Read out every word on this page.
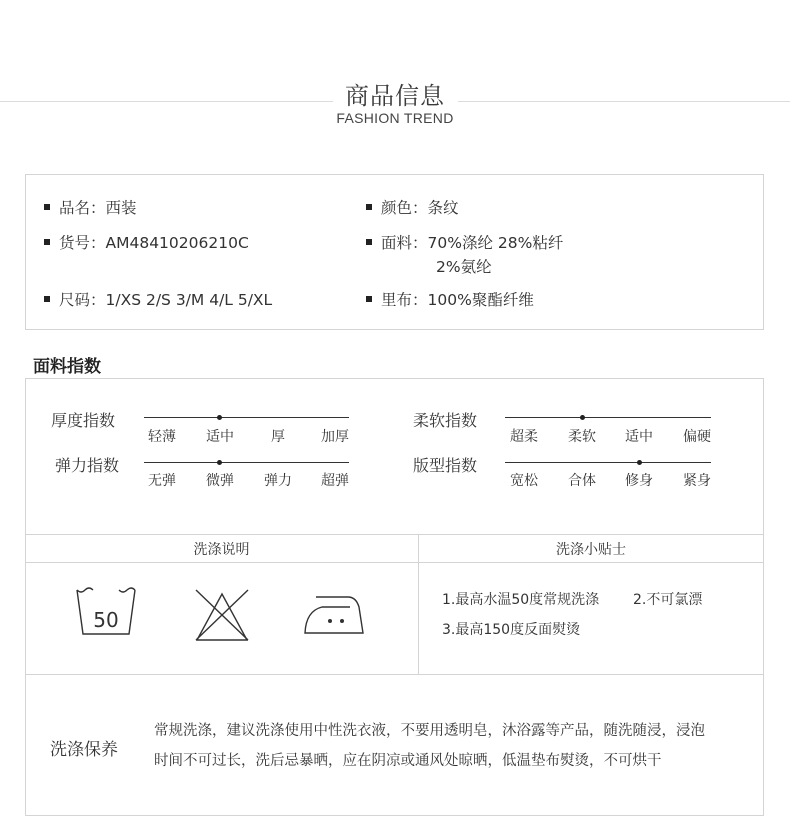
商品信息
FASHION TREND
品名：西装
货号：AM48410206210C
尺码：1/XS 2/S 3/M 4/L 5/XL
颜色：条纹
面料：70%涤纶 28%粘纤
2%氨纶
里布：100%聚酯纤维
面料指数
厚度指数
轻薄 适中	厚	加厚
弹力指数
无弹 微弹 弹力 超弹
柔软指数
超柔 柔软 适中 偏硬
版型指数
宽松 合体 修身 紧身
洗涤说明	洗涤小贴士
50
1.最高水温50度常规洗涤 2.不可氯漂
3.最高150度反面熨烫
洗涤保养
常规洗涤，建议洗涤使用中性洗衣液，不要用透明皂，沐浴露等产品，随洗随浸，浸泡
时间不可过长，洗后忌暴晒，应在阴凉或通风处晾晒，低温垫布熨烫，不可烘干
